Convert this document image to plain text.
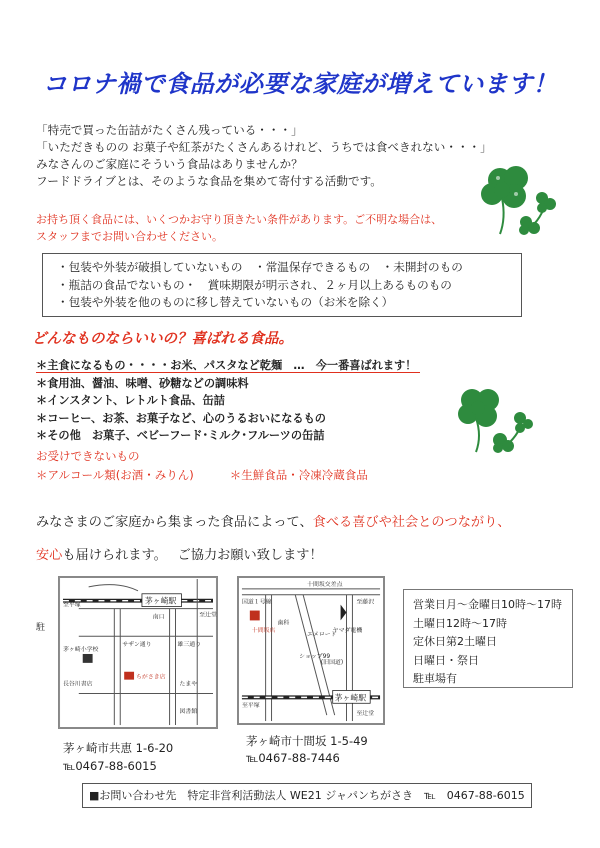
コロナ禍で食品が必要な家庭が増えています！
「特売で買った缶詰がたくさん残っている・・・」
「いただきものの お菓子や紅茶がたくさんあるけれど、うちでは食べきれない・・・」
みなさんのご家庭にそういう食品はありませんか？
フードドライブとは、そのような食品を集めて寄付する活動です。
お持ち頂く食品には、いくつかお守り頂きたい条件があります。ご不明な場合は、
スタッフまでお問い合わせください。
・包装や外装が破損していないもの　・常温保存できるもの　・未開封のもの
・瓶詰の食品でないもの・　賞味期限が明示され、２ヶ月以上あるものもの
・包装や外装を他のものに移し替えていないもの（お米を除く）
どんなものならいいの？喜ばれる食品。
＊主食になるもの・・・・お米、パスタなど乾麺　…　今一番喜ばれます！
＊食用油、醤油、味噌、砂糖などの調味料
＊インスタント、レトルト食品、缶詰
＊コーヒー、お茶、お菓子など、心のうるおいになるもの
＊その他　お菓子、ベビーフード･ミルク･フルーツの缶詰
お受けできないもの
＊アルコール類(お酒・みりん)	＊生鮮食品・冷凍冷蔵食品
みなさまのご家庭から集まった食品によって、食べる喜びや社会とのつながり、
安心も届けられます。　 ご協力お願い致します！
茅ヶ崎駅
至平塚
至辻堂
南口
茅ヶ崎小学校
サザン通り	雄三通り
長谷川書店
ちがさき店
たまや
図書館
駐
茅ヶ崎駅
十間坂交差点
国道１号線	至藤沢
十間坂店
歯科
エメロード
ショップ99
ヤマダ電機
(旧国道)
至平塚
至辻堂
茅ヶ崎市共恵 1-6-20
℡0467-88-6015
茅ヶ崎市十間坂 1-5-49
℡0467-88-7446
営業日月～金曜日10時～17時
土曜日12時～17時
定休日第2土曜日
日曜日・祭日
駐車場有
■お問い合わせ先　特定非営利活動法人 WE21 ジャパンちがさき　℡　0467-88-6015
